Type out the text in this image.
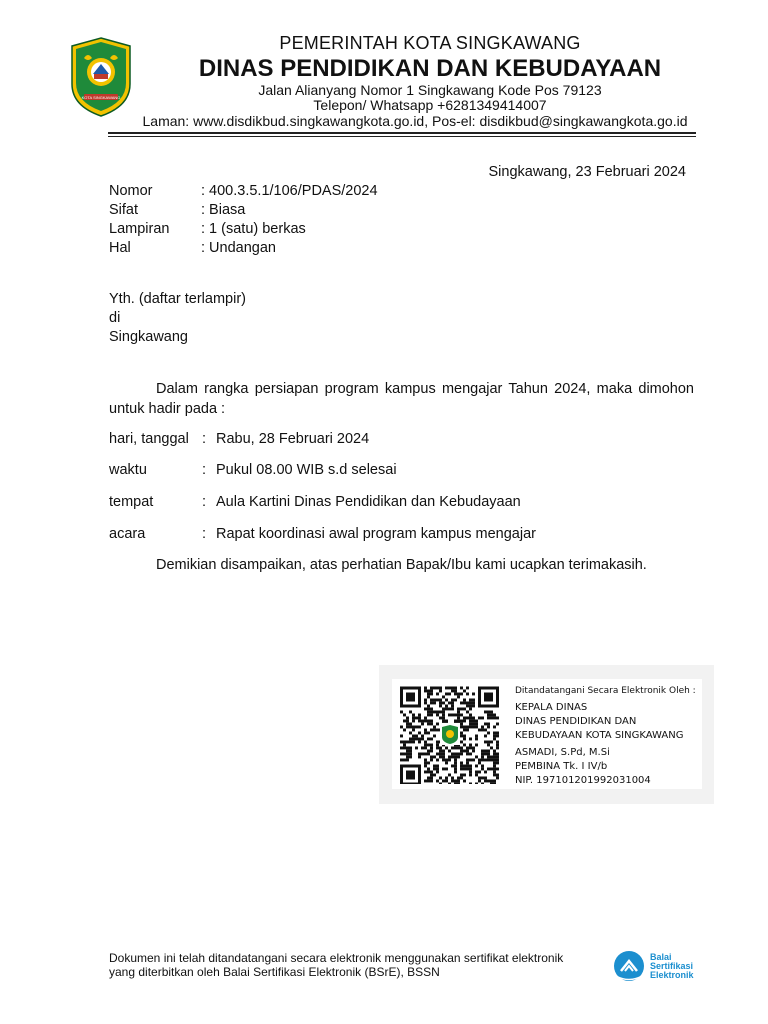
KOTA SINGKAWANG
PEMERINTAH KOTA SINGKAWANG
DINAS PENDIDIKAN DAN KEBUDAYAAN
Jalan Alianyang Nomor 1 Singkawang Kode Pos 79123
Telepon/ Whatsapp +6281349414007
Laman: www.disdikbud.singkawangkota.go.id, Pos-el: disdikbud@singkawangkota.go.id
Singkawang, 23 Februari 2024
Nomor	: 400.3.5.1/106/PDAS/2024
Sifat	: Biasa
Lampiran : 1 (satu) berkas
Hal	: Undangan
Yth. (daftar terlampir)
di
Singkawang
Dalam rangka persiapan program kampus mengajar Tahun 2024, maka dimohon untuk hadir pada :
hari, tanggal : Rabu, 28 Februari 2024
waktu	: Pukul 08.00 WIB s.d selesai
tempat	: Aula Kartini Dinas Pendidikan dan Kebudayaan
acara	: Rapat koordinasi awal program kampus mengajar
Demikian disampaikan, atas perhatian Bapak/Ibu kami ucapkan terimakasih.
Ditandatangani Secara Elektronik Oleh :
KEPALA DINAS
DINAS PENDIDIKAN DAN
KEBUDAYAAN KOTA SINGKAWANG
ASMADI, S.Pd, M.Si
PEMBINA Tk. I IV/b
NIP. 197101201992031004
Dokumen ini telah ditandatangani secara elektronik menggunakan sertifikat elektronik
yang diterbitkan oleh Balai Sertifikasi Elektronik (BSrE), BSSN
Balai
Sertifikasi
Elektronik
